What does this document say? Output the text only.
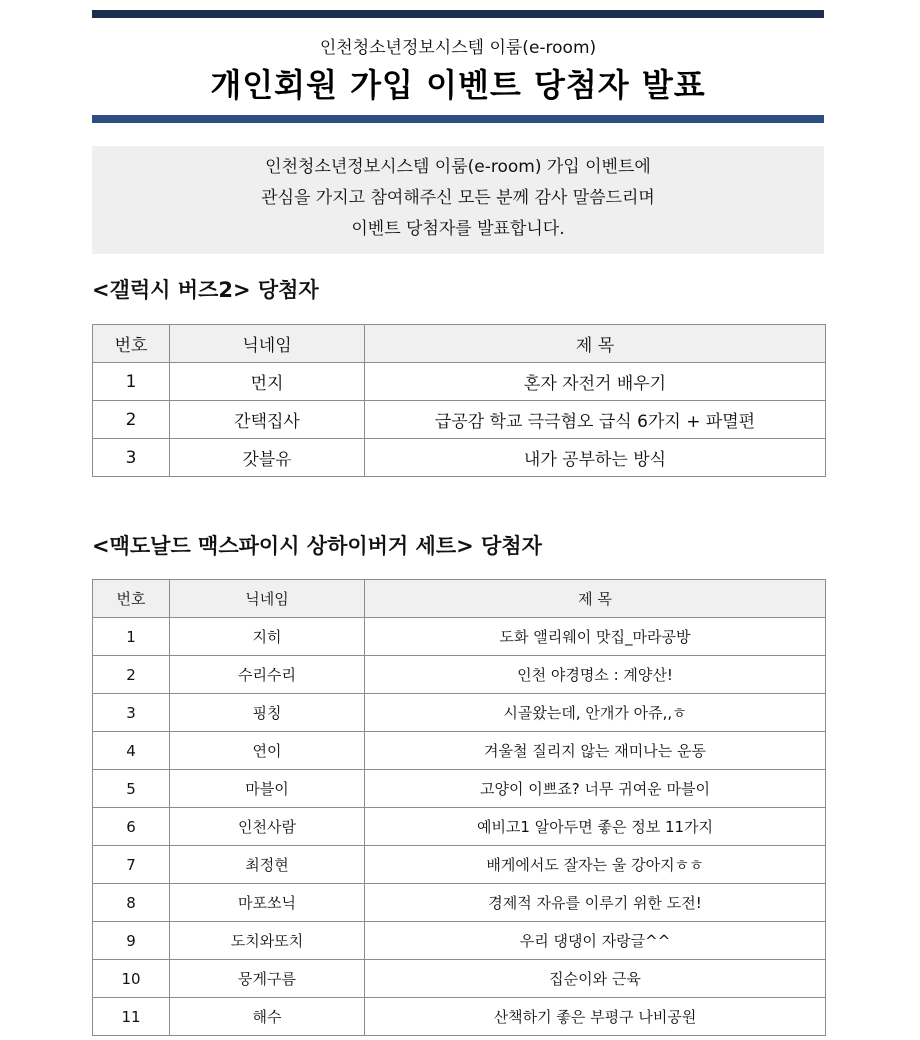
인천청소년정보시스템 이룸(e-room)
개인회원 가입 이벤트 당첨자 발표
인천청소년정보시스템 이룸(e-room) 가입 이벤트에
관심을 가지고 참여해주신 모든 분께 감사 말씀드리며
이벤트 당첨자를 발표합니다.
<갤럭시 버즈2> 당첨자
번호	닉네임	제 목
1	먼지	혼자 자전거 배우기
2	간택집사	급공감 학교 극극혐오 급식 6가지 + 파멸편
3	갓블유	내가 공부하는 방식
<맥도날드 맥스파이시 상하이버거 세트> 당첨자
번호	닉네임	제 목
1	지히	도화 앨리웨이 맛집_마라공방
2	수리수리	인천 야경명소 : 계양산!
3	핑칭	시골왔는데, 안개가 아쥬,,ㅎ
4	연이	겨울철 질리지 않는 재미나는 운동
5	마블이	고양이 이쁘죠? 너무 귀여운 마블이
6	인천사람	예비고1 알아두면 좋은 정보 11가지
7	최정현	배게에서도 잘자는 울 강아지ㅎㅎ
8	마포쏘닉	경제적 자유를 이루기 위한 도전!
9	도치와또치	우리 댕댕이 자랑글^^
10	뭉게구름	집순이와 근육
11	해수	산책하기 좋은 부평구 나비공원
